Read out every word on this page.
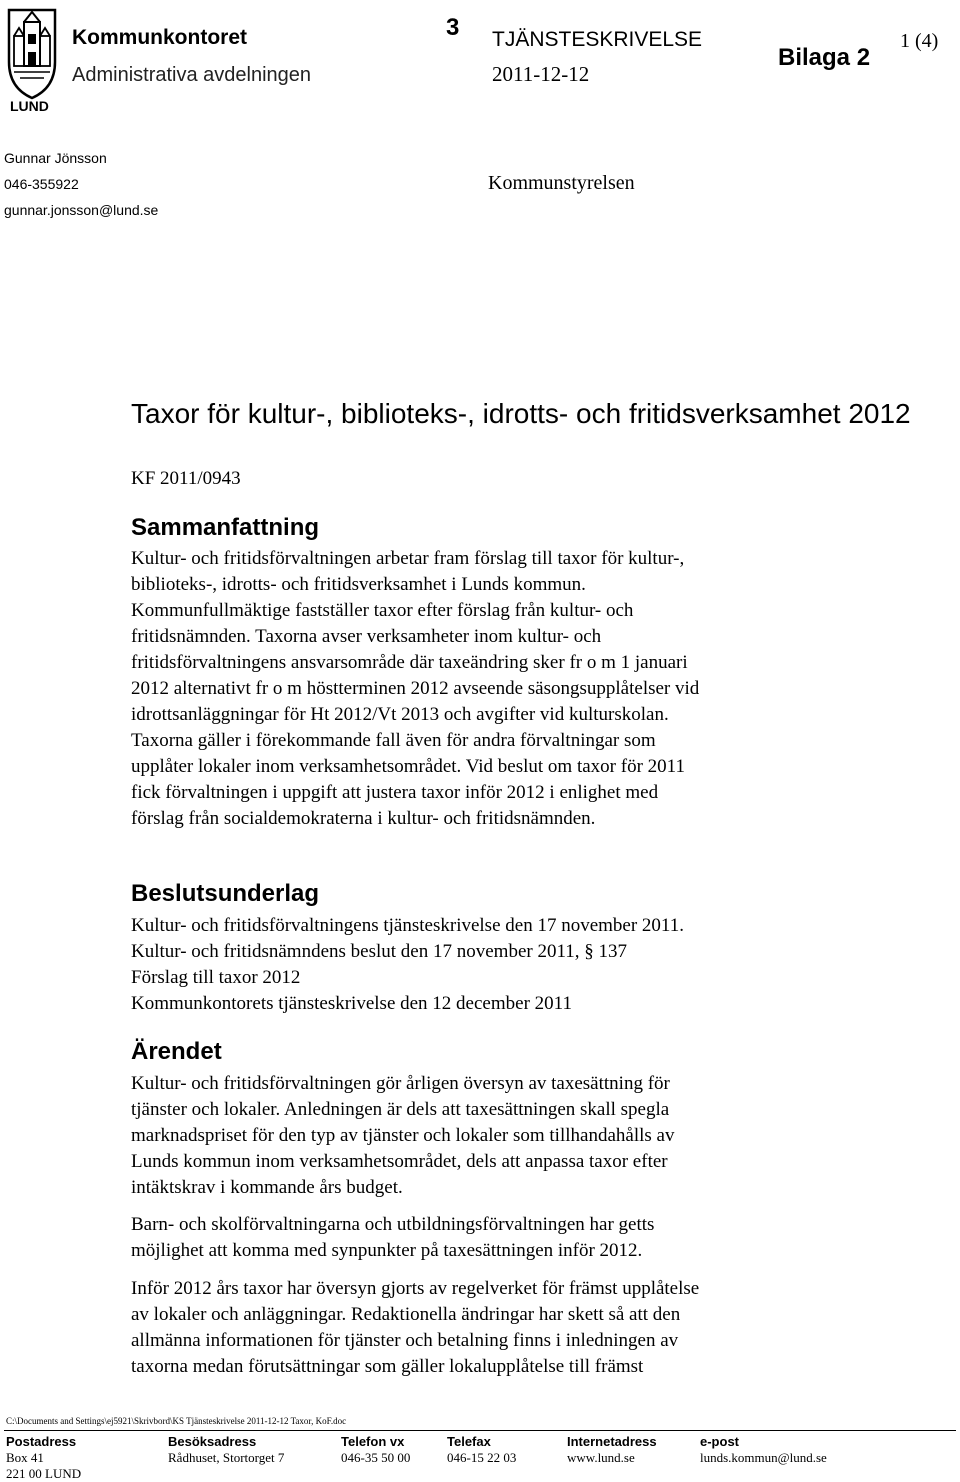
LUND
Kommunkontoret
Administrativa avdelningen
3 TJÄNSTESKRIVELSE
2011-12-12
Bilaga 2
1 (4)
Gunnar Jönsson
046-355922
gunnar.jonsson@lund.se
Kommunstyrelsen
Taxor för kultur-, biblioteks-, idrotts- och fritidsverksamhet 2012
KF 2011/0943
Sammanfattning
Kultur- och fritidsförvaltningen arbetar fram förslag till taxor för kultur-,
biblioteks-, idrotts- och fritidsverksamhet i Lunds kommun.
Kommunfullmäktige fastställer taxor efter förslag från kultur- och
fritidsnämnden. Taxorna avser verksamheter inom kultur- och
fritidsförvaltningens ansvarsområde där taxeändring sker fr o m 1 januari
2012 alternativt fr o m höstterminen 2012 avseende säsongsupplåtelser vid
idrottsanläggningar för Ht 2012/Vt 2013 och avgifter vid kulturskolan.
Taxorna gäller i förekommande fall även för andra förvaltningar som
upplåter lokaler inom verksamhetsområdet. Vid beslut om taxor för 2011
fick förvaltningen i uppgift att justera taxor inför 2012 i enlighet med
förslag från socialdemokraterna i kultur- och fritidsnämnden.
Beslutsunderlag
Kultur- och fritidsförvaltningens tjänsteskrivelse den 17 november 2011.
Kultur- och fritidsnämndens beslut den 17 november 2011, § 137
Förslag till taxor 2012
Kommunkontorets tjänsteskrivelse den 12 december 2011
Ärendet
Kultur- och fritidsförvaltningen gör årligen översyn av taxesättning för
tjänster och lokaler. Anledningen är dels att taxesättningen skall spegla
marknadspriset för den typ av tjänster och lokaler som tillhandahålls av
Lunds kommun inom verksamhetsområdet, dels att anpassa taxor efter
intäktskrav i kommande års budget.
Barn- och skolförvaltningarna och utbildningsförvaltningen har getts
möjlighet att komma med synpunkter på taxesättningen inför 2012.
Inför 2012 års taxor har översyn gjorts av regelverket för främst upplåtelse
av lokaler och anläggningar. Redaktionella ändringar har skett så att den
allmänna informationen för tjänster och betalning finns i inledningen av
taxorna medan förutsättningar som gäller lokalupplåtelse till främst
C:\Documents and Settings\ej5921\Skrivbord\KS Tjänsteskrivelse 2011-12-12 Taxor, KoF.doc
Postadress
Box 41
221 00 LUND
Besöksadress
Rådhuset, Stortorget 7
Telefon vx
046-35 50 00
Telefax
046-15 22 03
Internetadress
www.lund.se
e-post
lunds.kommun@lund.se
